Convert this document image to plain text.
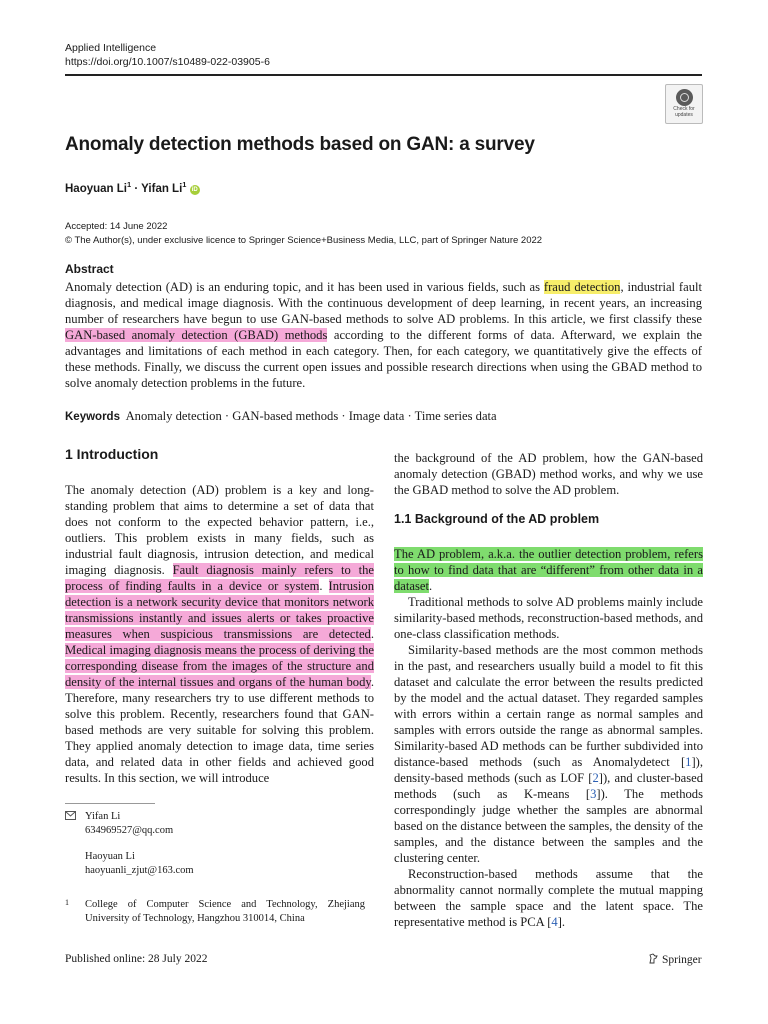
Applied Intelligence
https://doi.org/10.1007/s10489-022-03905-6
Check for
updates
Anomaly detection methods based on GAN: a survey
Haoyuan $Li^1$ · Yifan Li$^1$ iD
Accepted: 14 June 2022
© The Author(s), under exclusive licence to Springer Science+Business Media, LLC, part of Springer Nature 2022
Abstract
Anomaly detection (AD) is an enduring topic, and it has been used in various fields, such as fraud detection, industrial fault diagnosis, and medical image diagnosis. With the continuous development of deep learning, in recent years, an increasing number of researchers have begun to use GAN-based methods to solve AD problems. In this article, we first classify these GAN-based anomaly detection (GBAD) methods according to the different forms of data. Afterward, we explain the advantages and limitations of each method in each category. Then, for each category, we quantitatively give the effects of these methods. Finally, we discuss the current open issues and possible research directions when using the GBAD method to solve anomaly detection problems in the future.
Keywords Anomaly detection · GAN-based methods · Image data · Time series data
1 Introduction
The anomaly detection (AD) problem is a key and long-standing problem that aims to determine a set of data that does not conform to the expected behavior pattern, i.e., outliers. This problem exists in many fields, such as industrial fault diagnosis, intrusion detection, and medical imaging diagnosis. Fault diagnosis mainly refers to the process of finding faults in a device or system. Intrusion detection is a network security device that monitors network transmissions instantly and issues alerts or takes proactive measures when suspicious transmissions are detected. Medical imaging diagnosis means the process of deriving the corresponding disease from the images of the structure and density of the internal tissues and organs of the human body. Therefore, many researchers try to use different methods to solve this problem. Recently, researchers found that GAN-based methods are very suitable for solving this problem. They applied anomaly detection to image data, time series data, and related data in other fields and achieved good results. In this section, we will introduce
Yifan Li
634969527@qq.com
Haoyuan Li
haoyuanli_zjut@163.com
1 College of Computer Science and Technology, Zhejiang University of Technology, Hangzhou 310014, China
the background of the AD problem, how the GAN-based anomaly detection (GBAD) method works, and why we use the GBAD method to solve the AD problem.
1.1 Background of the AD problem

The AD problem, a.k.a. the outlier detection problem, refers to how to find data that are “different” from other data in a dataset.

Traditional methods to solve AD problems mainly include similarity-based methods, reconstruction-based methods, and one-class classification methods.

Similarity-based methods are the most common methods in the past, and researchers usually build a model to fit this dataset and calculate the error between the results predicted by the model and the actual dataset. They regarded samples with errors within a certain range as normal samples and samples with errors outside the range as abnormal samples. Similarity-based AD methods can be further subdivided into distance-based methods (such as Anomalydetect [1]), density-based methods (such as LOF [2]), and cluster-based methods (such as K-means [3]). The methods correspondingly judge whether the samples are abnormal based on the distance between the samples, the density of the samples, and the distance between the samples and the clustering center.

Reconstruction-based methods assume that the abnormality cannot normally complete the mutual mapping between the sample space and the latent space. The representative method is PCA [4].

Published online: 28 July 2022	Springer
